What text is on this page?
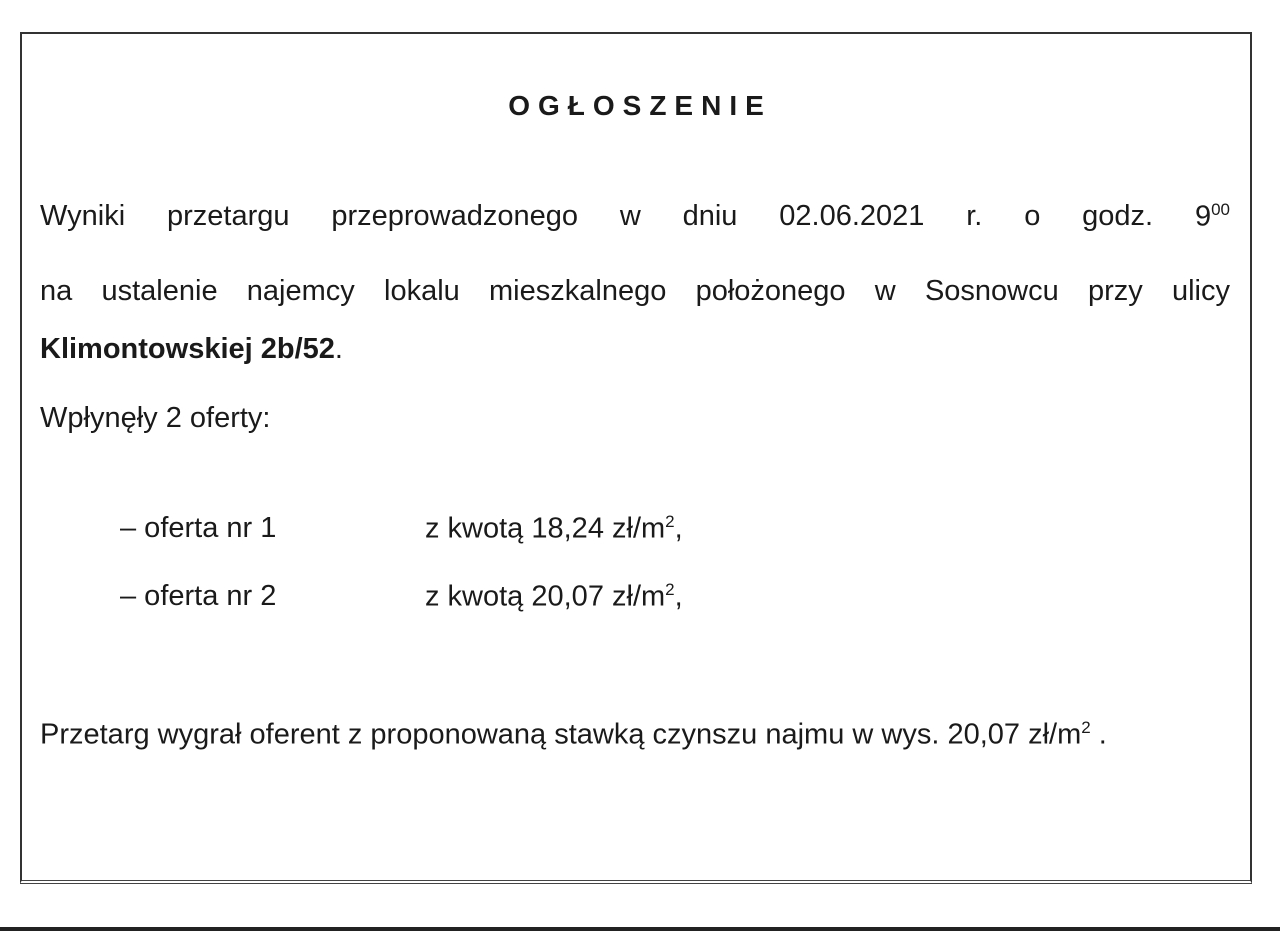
OGŁOSZENIE
Wyniki przetargu przeprowadzonego w dniu 02.06.2021 r. o godz. $9^{00}$
na ustalenie najemcy lokalu mieszkalnego położonego w Sosnowcu przy ulicy
Klimontowskiej 2b/52.
Wpłynęły 2 oferty:
– oferta nr 1	z kwotą 18,24 $zł/m^2$,
– oferta nr 2	z kwotą 20,07 $zł/m^2$,
Przetarg wygrał oferent z proponowaną stawką czynszu najmu w wys. 20,07 $zł/m^2$ .
